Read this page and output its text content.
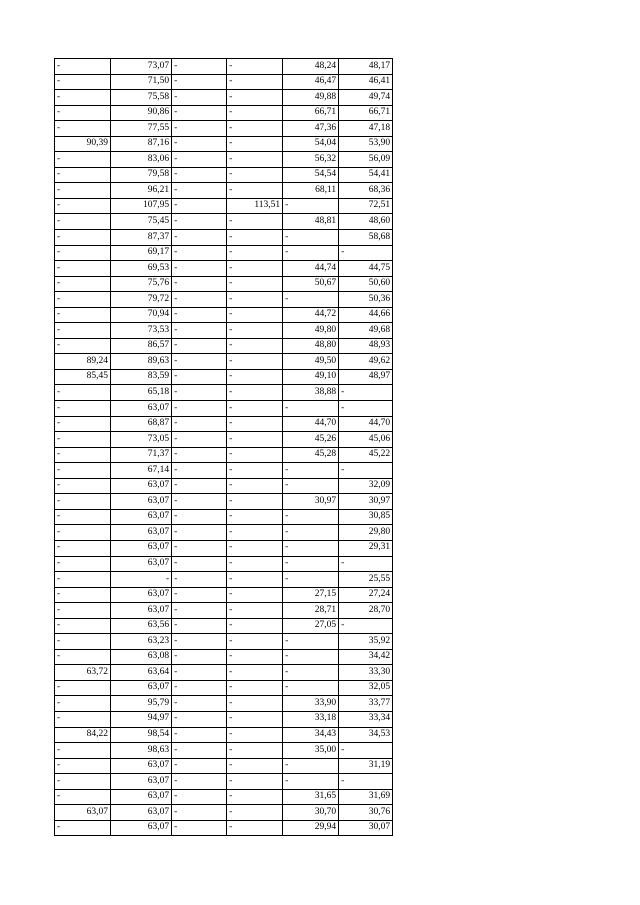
-	73,07	-	-	48,24	48,17
-	71,50	-	-	46,47	46,41
-	75,58	-	-	49,88	49,74
-	90,86	-	-	66,71	66,71
-	77,55	-	-	47,36	47,18
90,39	87,16	-	-	54,04	53,90
-	83,06	-	-	56,32	56,09
-	79,58	-	-	54,54	54,41
-	96,21	-	-	68,11	68,36
-	107,95	-	113,51	-	72,51
-	75,45	-	-	48,81	48,60
-	87,37	-	-	-	58,68
-	69,17	-	-	-	-
-	69,53	-	-	44,74	44,75
-	75,76	-	-	50,67	50,60
-	79,72	-	-	-	50,36
-	70,94	-	-	44,72	44,66
-	73,53	-	-	49,80	49,68
-	86,57	-	-	48,80	48,93
89,24	89,63	-	-	49,50	49,62
85,45	83,59	-	-	49,10	48,97
-	65,18	-	-	38,88	-
-	63,07	-	-	-	-
-	68,87	-	-	44,70	44,70
-	73,05	-	-	45,26	45,06
-	71,37	-	-	45,28	45,22
-	67,14	-	-	-	-
-	63,07	-	-	-	32,09
-	63,07	-	-	30,97	30,97
-	63,07	-	-	-	30,85
-	63,07	-	-	-	29,80
-	63,07	-	-	-	29,31
-	63,07	-	-	-	-
-	-	-	-	-	25,55
-	63,07	-	-	27,15	27,24
-	63,07	-	-	28,71	28,70
-	63,56	-	-	27,05	-
-	63,23	-	-	-	35,92
-	63,08	-	-	-	34,42
63,72	63,64	-	-	-	33,30
-	63,07	-	-	-	32,05
-	95,79	-	-	33,90	33,77
-	94,97	-	-	33,18	33,34
84,22	98,54	-	-	34,43	34,53
-	98,63	-	-	35,00	-
-	63,07	-	-	-	31,19
-	63,07	-	-	-	-
-	63,07	-	-	31,65	31,69
63,07	63,07	-	-	30,70	30,76
-	63,07	-	-	29,94	30,07
